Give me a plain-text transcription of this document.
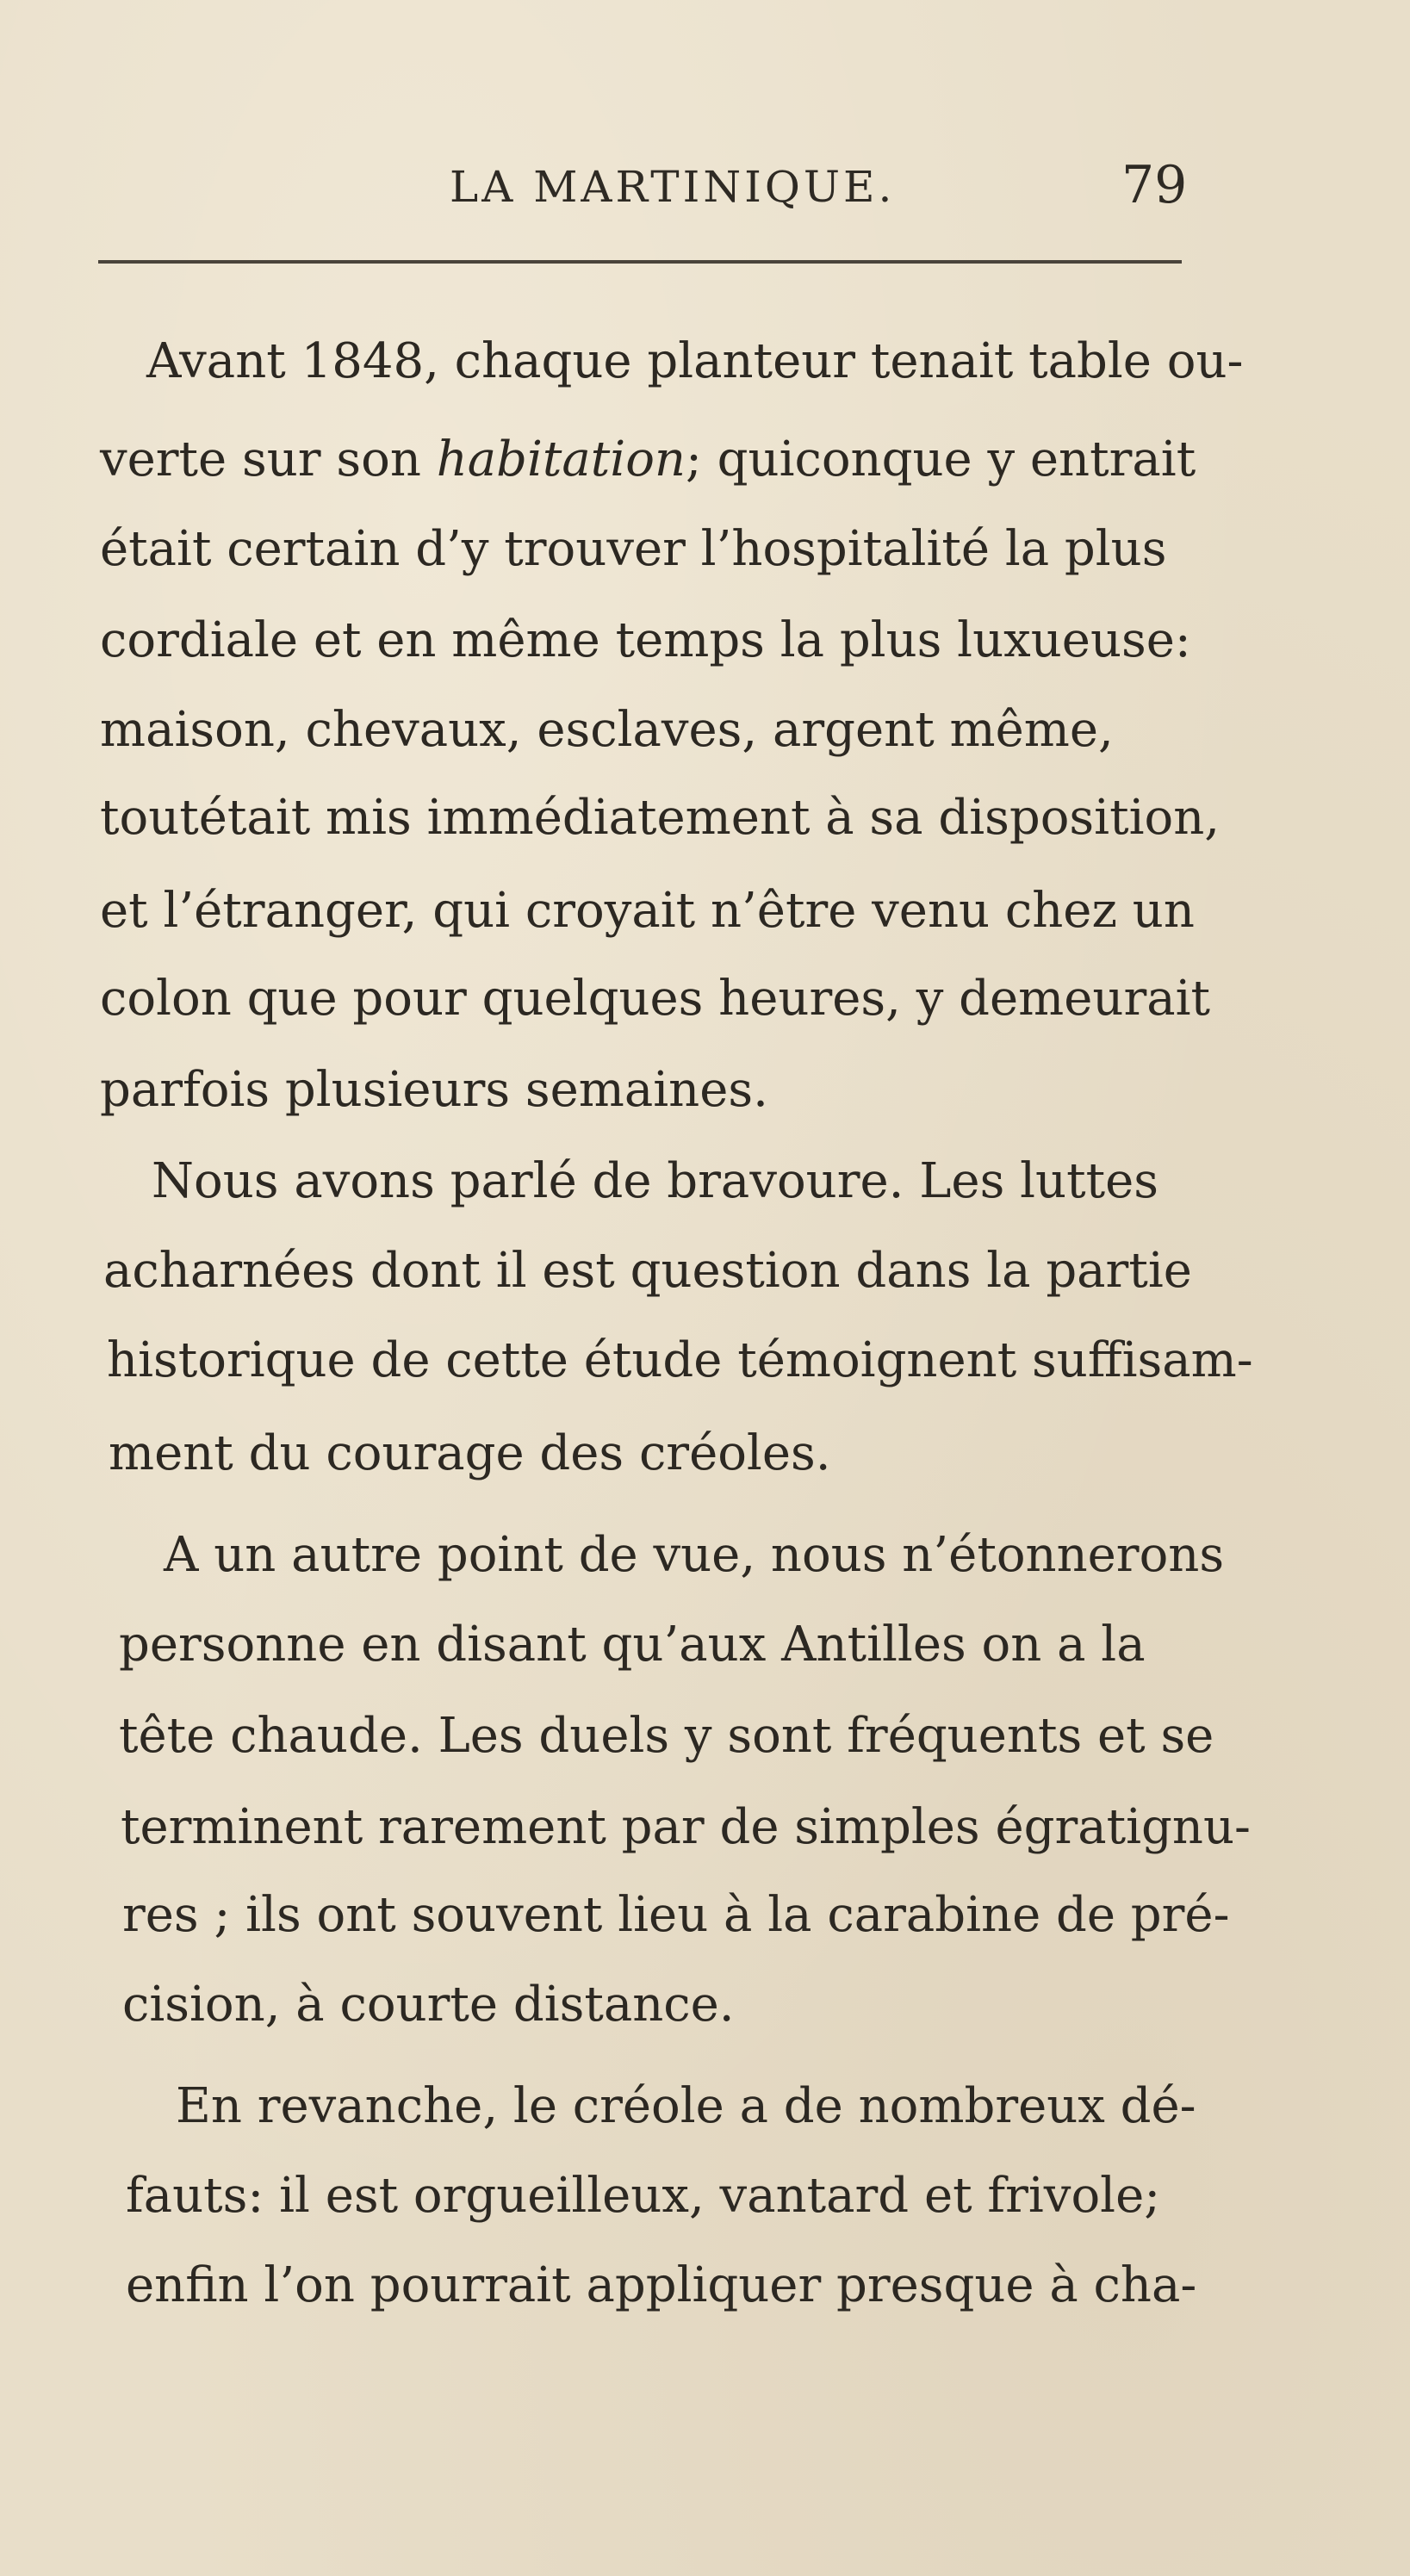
LA MARTINIQUE.	79
Avant 1848, chaque planteur tenait table ou-
verte sur son habitation; quiconque y entrait
était certain d’y trouver l’hospitalité la plus
cordiale et en même temps la plus luxueuse:
maison, chevaux, esclaves, argent même,
toutétait mis immédiatement à sa disposition,
et l’étranger, qui croyait n’être venu chez un
colon que pour quelques heures, y demeurait
parfois plusieurs semaines.
Nous avons parlé de bravoure. Les luttes
acharnées dont il est question dans la partie
historique de cette étude témoignent suffisam-
ment du courage des créoles.
A un autre point de vue, nous n’étonnerons
personne en disant qu’aux Antilles on a la
tête chaude. Les duels y sont fréquents et se
terminent rarement par de simples égratignu-
res ; ils ont souvent lieu à la carabine de pré-
cision, à courte distance.
En revanche, le créole a de nombreux dé-
fauts: il est orgueilleux, vantard et frivole;
enfin l’on pourrait appliquer presque à cha-
